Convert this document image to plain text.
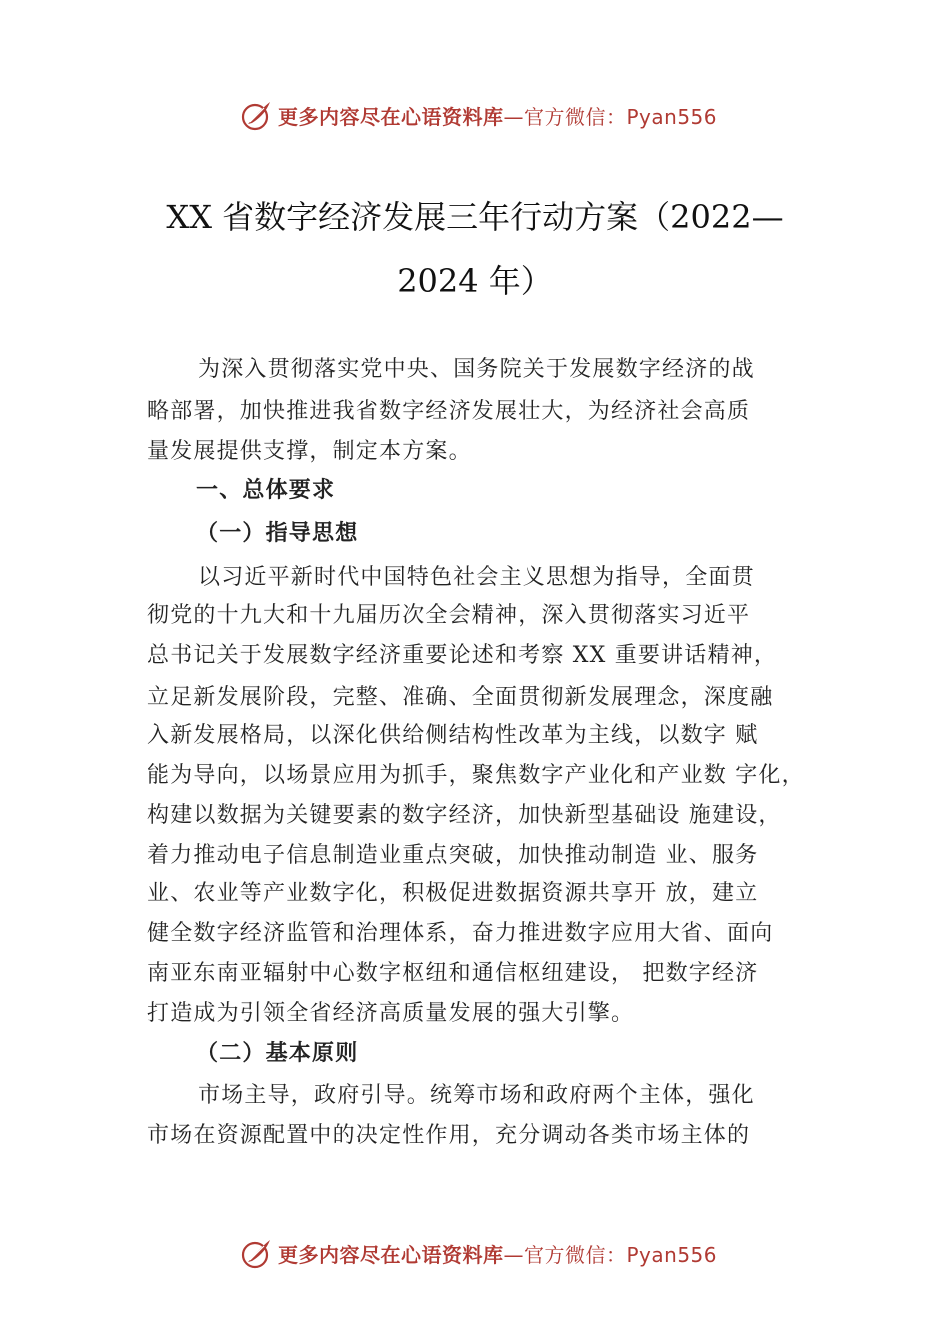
更多内容尽在心语资料库—官方微信：Pyan556
XX 省数字经济发展三年行动方案（2022—
2024 年）
为深入贯彻落实党中央、国务院关于发展数字经济的战
略部署，加快推进我省数字经济发展壮大，为经济社会高质
量发展提供支撑，制定本方案。
一、总体要求
（一）指导思想
以习近平新时代中国特色社会主义思想为指导，全面贯
彻党的十九大和十九届历次全会精神，深入贯彻落实习近平
总书记关于发展数字经济重要论述和考察 XX 重要讲话精神，
立足新发展阶段，完整、准确、全面贯彻新发展理念，深度融
入新发展格局，以深化供给侧结构性改革为主线，以数字 赋
能为导向，以场景应用为抓手，聚焦数字产业化和产业数 字化，
构建以数据为关键要素的数字经济，加快新型基础设 施建设，
着力推动电子信息制造业重点突破，加快推动制造 业、服务
业、农业等产业数字化，积极促进数据资源共享开 放，建立
健全数字经济监管和治理体系，奋力推进数字应用大省、面向
南亚东南亚辐射中心数字枢纽和通信枢纽建设， 把数字经济
打造成为引领全省经济高质量发展的强大引擎。
（二）基本原则
市场主导，政府引导。统筹市场和政府两个主体，强化
市场在资源配置中的决定性作用，充分调动各类市场主体的
更多内容尽在心语资料库—官方微信：Pyan556
